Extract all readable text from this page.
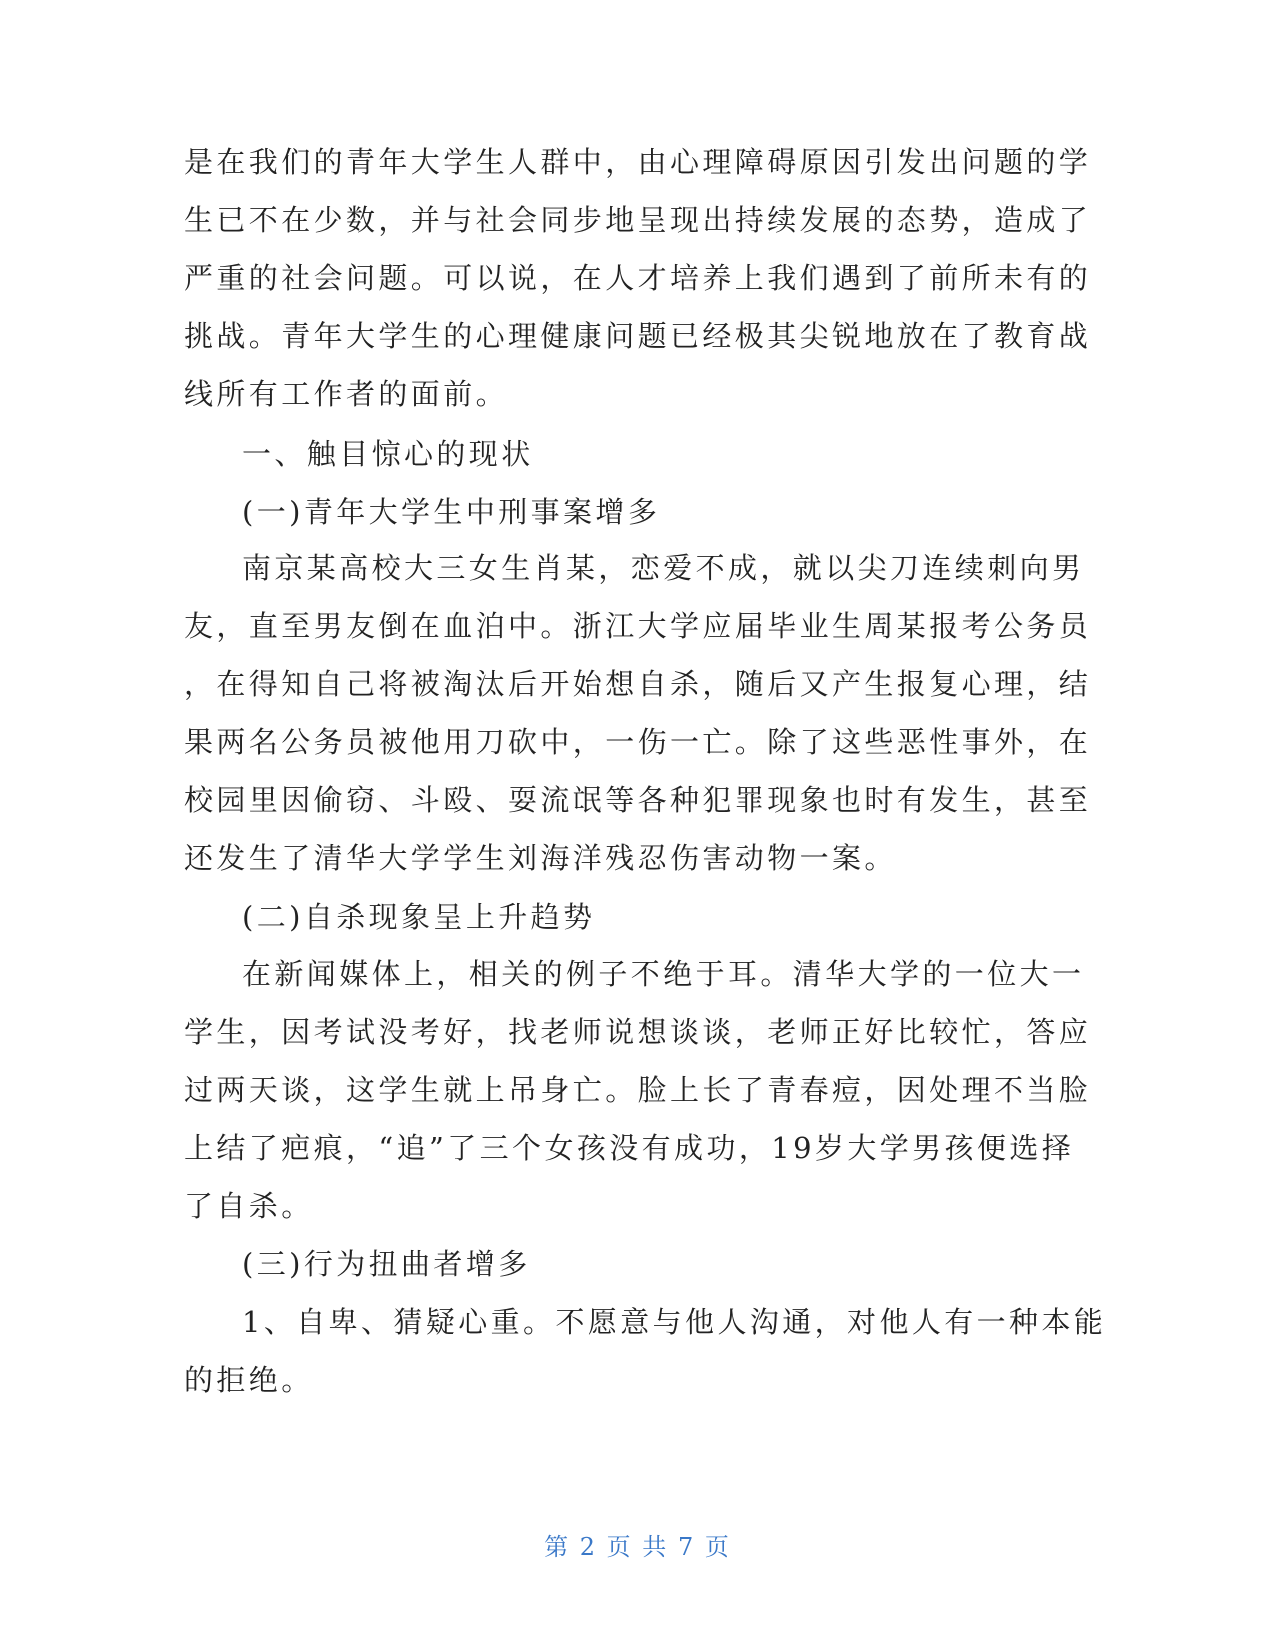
是在我们的青年大学生人群中，由心理障碍原因引发出问题的学
生已不在少数，并与社会同步地呈现出持续发展的态势，造成了
严重的社会问题。可以说，在人才培养上我们遇到了前所未有的
挑战。青年大学生的心理健康问题已经极其尖锐地放在了教育战
线所有工作者的面前。
一、触目惊心的现状
(一)青年大学生中刑事案增多
南京某高校大三女生肖某，恋爱不成，就以尖刀连续刺向男
友，直至男友倒在血泊中。浙江大学应届毕业生周某报考公务员
，在得知自己将被淘汰后开始想自杀，随后又产生报复心理，结
果两名公务员被他用刀砍中，一伤一亡。除了这些恶性事外，在
校园里因偷窃、斗殴、耍流氓等各种犯罪现象也时有发生，甚至
还发生了清华大学学生刘海洋残忍伤害动物一案。
(二)自杀现象呈上升趋势
在新闻媒体上，相关的例子不绝于耳。清华大学的一位大一
学生，因考试没考好，找老师说想谈谈，老师正好比较忙，答应
过两天谈，这学生就上吊身亡。脸上长了青春痘，因处理不当脸
上结了疤痕，“追”了三个女孩没有成功，19岁大学男孩便选择
了自杀。
(三)行为扭曲者增多
1、自卑、猜疑心重。不愿意与他人沟通，对他人有一种本能
的拒绝。
第 2 页 共 7 页
